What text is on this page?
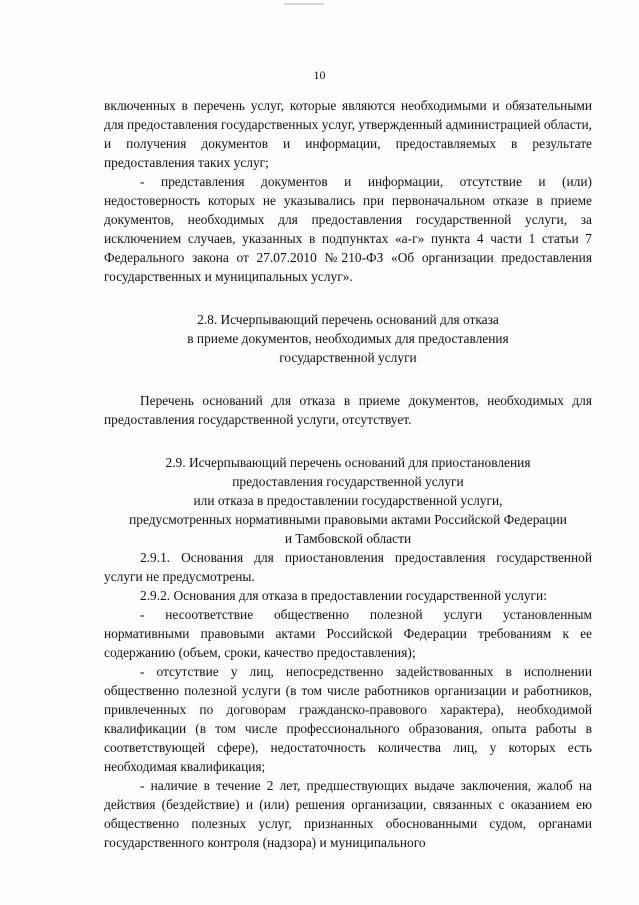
10

включенных в перечень услуг, которые являются необходимыми и обязательными для предоставления государственных услуг, утвержденный администрацией области, и получения документов и информации, предоставляемых в результате предоставления таких услуг;

- представления документов и информации, отсутствие и (или) недостоверность которых не указывались при первоначальном отказе в приеме документов, необходимых для предоставления государственной услуги, за исключением случаев, указанных в подпунктах «а-г» пункта 4 части 1 статьи 7 Федерального закона от 27.07.2010 №210-ФЗ «Об организации предоставления государственных и муниципальных услуг».

2.8. Исчерпывающий перечень оснований для отказа

в приеме документов, необходимых для предоставления

государственной услуги

Перечень оснований для отказа в приеме документов, необходимых для предоставления государственной услуги, отсутствует.

2.9. Исчерпывающий перечень оснований для приостановления

предоставления государственной услуги

или отказа в предоставлении государственной услуги,

предусмотренных нормативными правовыми актами Российской Федерации

и Тамбовской области

2.9.1. Основания для приостановления предоставления государственной услуги не предусмотрены.

2.9.2. Основания для отказа в предоставлении государственной услуги:

- несоответствие общественно полезной услуги установленным нормативными правовыми актами Российской Федерации требованиям к ее содержанию (объем, сроки, качество предоставления);

- отсутствие у лиц, непосредственно задействованных в исполнении общественно полезной услуги (в том числе работников организации и работников, привлеченных по договорам гражданско-правового характера), необходимой квалификации (в том числе профессионального образования, опыта работы в соответствующей сфере), недостаточность количества лиц, у которых есть необходимая квалификация;

- наличие в течение 2 лет, предшествующих выдаче заключения, жалоб на действия (бездействие) и (или) решения организации, связанных с оказанием ею общественно полезных услуг, признанных обоснованными судом, органами государственного контроля (надзора) и муниципального
